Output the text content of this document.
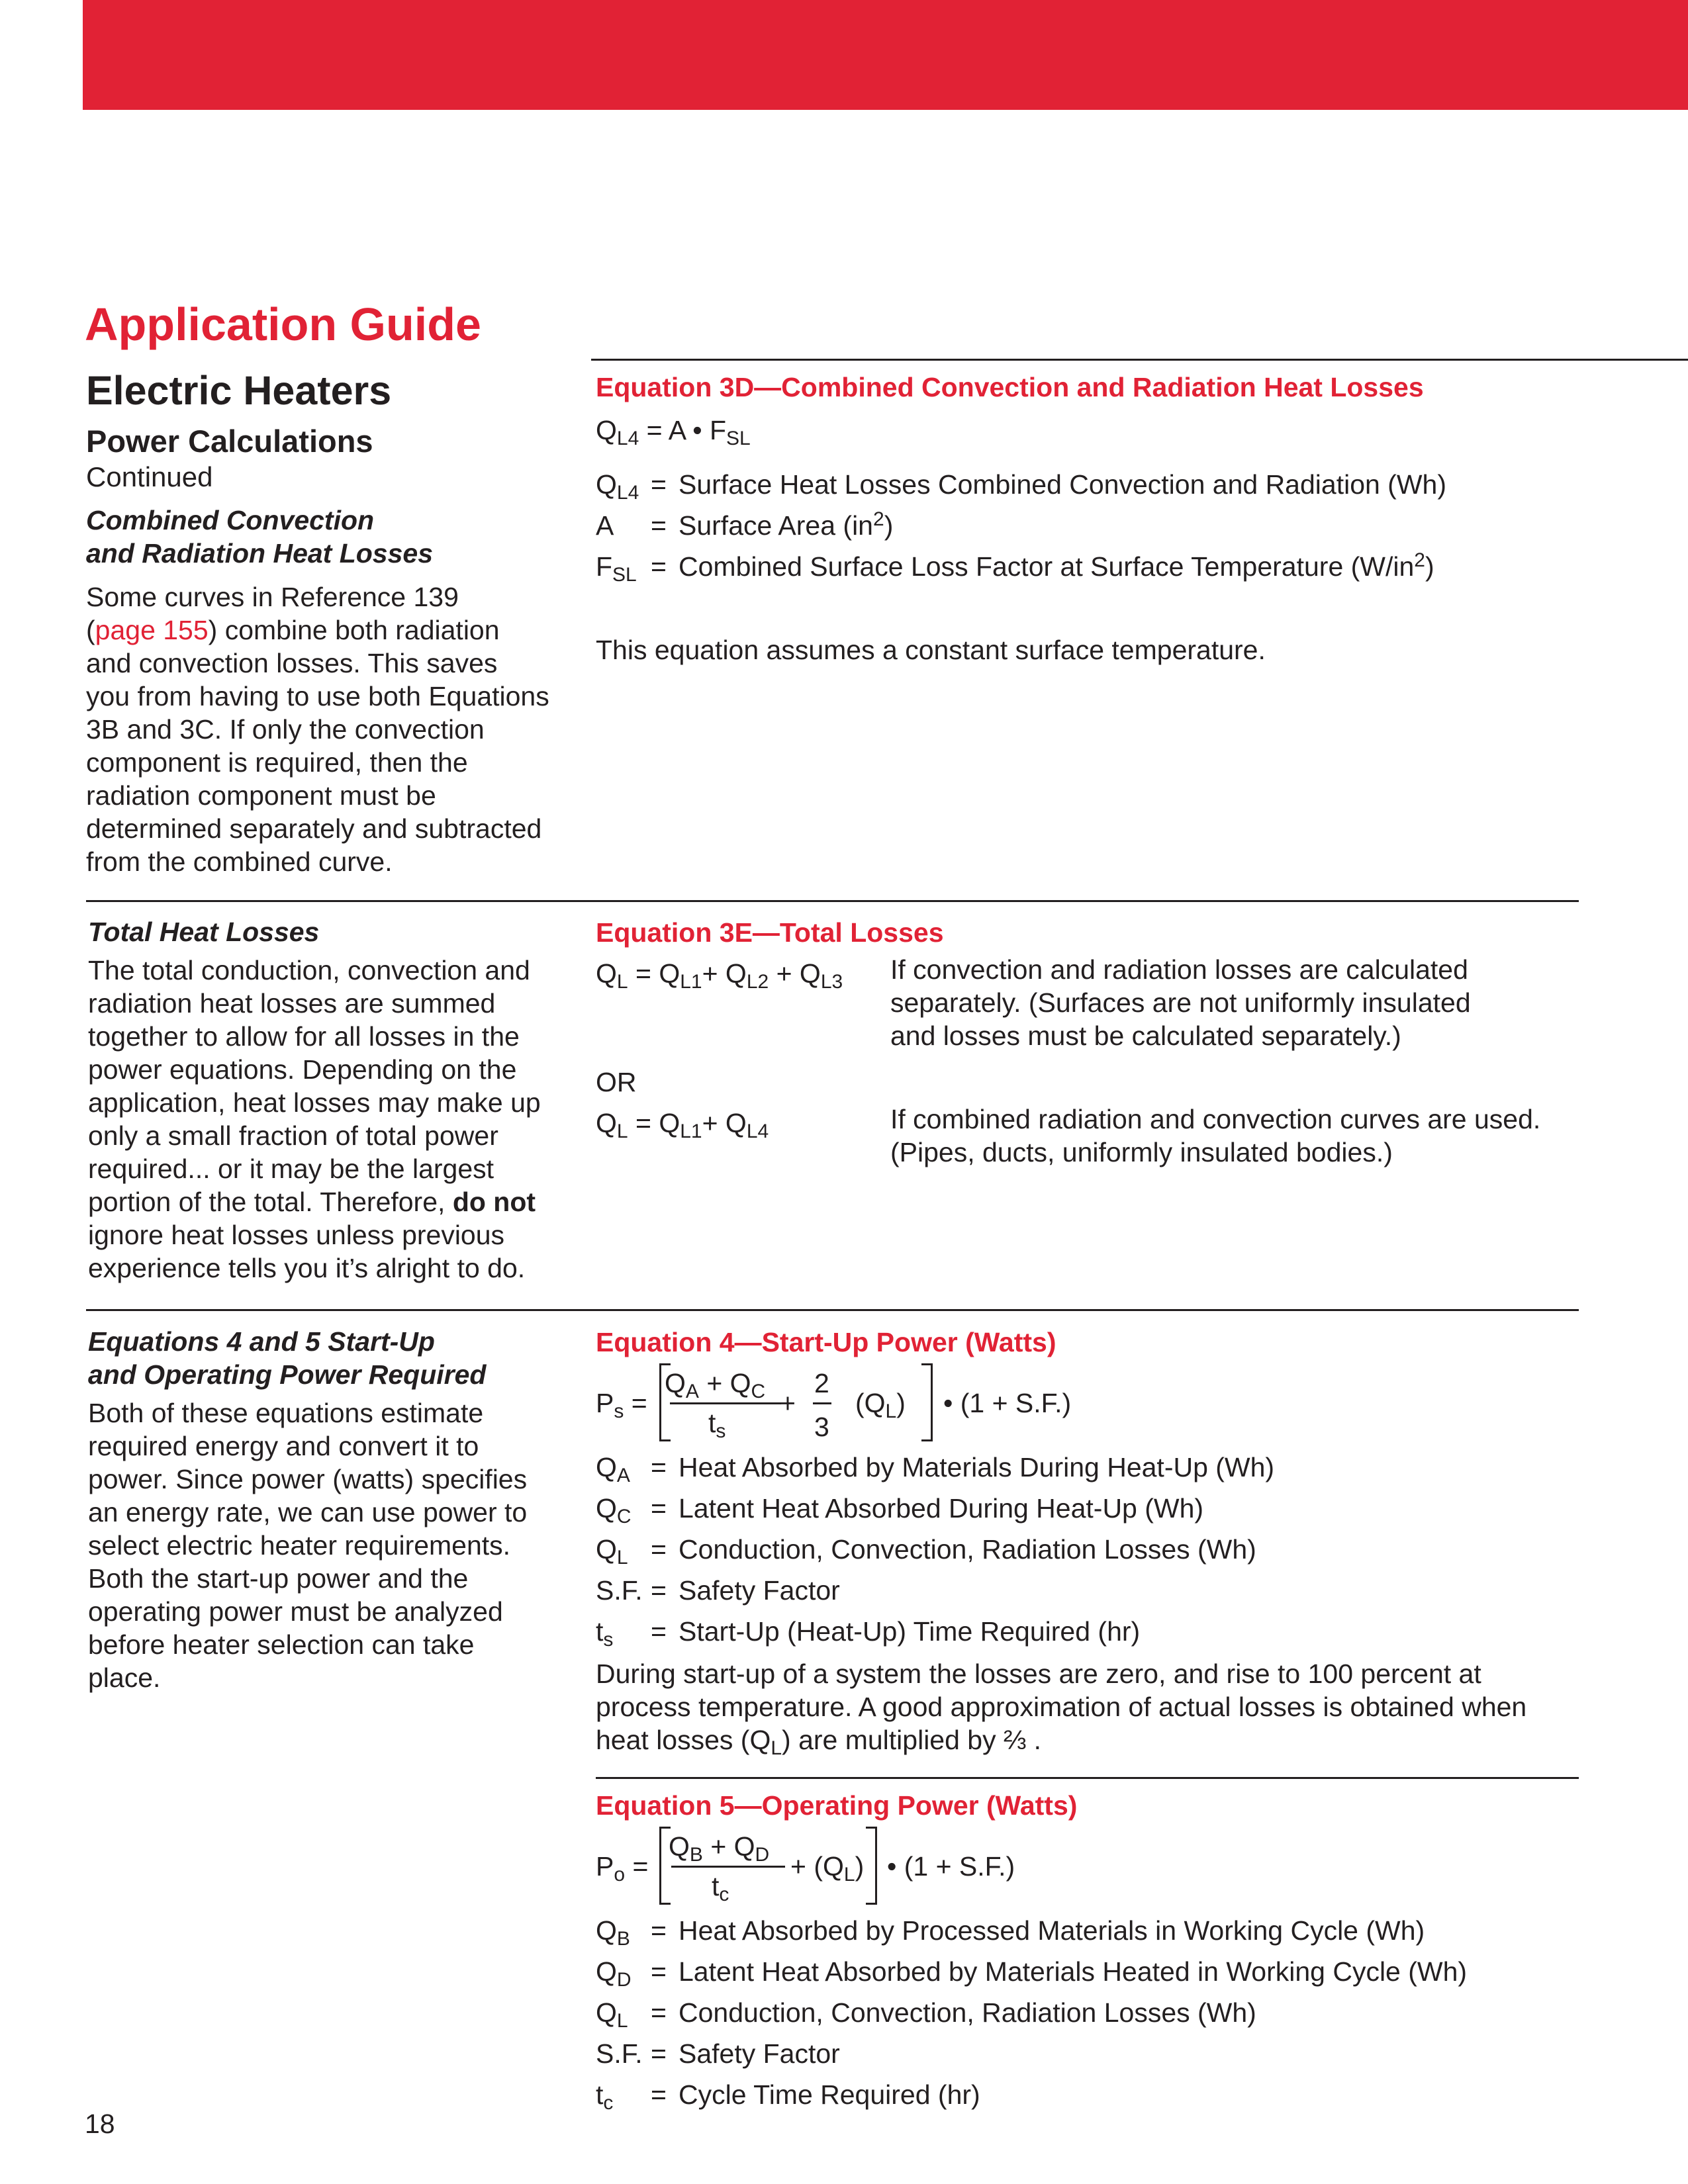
Application Guide
Electric Heaters
Power Calculations
Continued
Combined Convection
and Radiation Heat Losses
Some curves in Reference 139
(page 155) combine both radiation
and convection losses. This saves
you from having to use both Equations
3B and 3C. If only the convection
component is required, then the
radiation component must be
determined separately and subtracted
from the combined curve.
Equation 3D—Combined Convection and Radiation Heat Losses
$Q_{L4} = A$ • $F_{SL}$
$Q_{L4}$ = Surface Heat Losses Combined Convection and Radiation (Wh)
A = Surface Area $(in^2)$
$F_{SL}$ = Combined Surface Loss Factor at Surface Temperature $(W/in^2)$
This equation assumes a constant surface temperature.
Total Heat Losses
The total conduction, convection and
radiation heat losses are summed
together to allow for all losses in the
power equations. Depending on the
application, heat losses may make up
only a small fraction of total power
required... or it may be the largest
portion of the total. Therefore, do not
ignore heat losses unless previous
experience tells you it’s alright to do.
Equation 3E—Total Losses
$Q_L = Q_{L1}+ Q_{L2} + Q_{L3}$ If convection and radiation losses are calculated
separately. (Surfaces are not uniformly insulated
and losses must be calculated separately.)
OR
$Q_L = Q_{L1}+ Q_{L4}$	If combined radiation and convection curves are used.
(Pipes, ducts, uniformly insulated bodies.)
Equations 4 and 5 Start-Up
and Operating Power Required
Both of these equations estimate
required energy and convert it to
power. Since power (watts) specifies
an energy rate, we can use power to
select electric heater requirements.
Both the start-up power and the
operating power must be analyzed
before heater selection can take
place.
Equation 4—Start-Up Power (Watts)
$P_s$ =
$Q_A + Q_C$
$t_s$
+
2
3
$(Q_L)$ • (1 + S.F.)
$Q_A$ = Heat Absorbed by Materials During Heat-Up (Wh)
$Q_C$ = Latent Heat Absorbed During Heat-Up (Wh)
$Q_L$ = Conduction, Convection, Radiation Losses (Wh)
S.F. = Safety Factor
$t_s$ = Start-Up (Heat-Up) Time Required (hr)
During start-up of a system the losses are zero, and rise to 100 percent at
process temperature. A good approximation of actual losses is obtained when
heat losses $(Q_L)$ are multiplied by ⅔ .
Equation 5—Operating Power (Watts)
$P_o$ =
$Q_B + Q_D$
$t_c$
+ $(Q_L)$ • (1 + S.F.)
$Q_B$ = Heat Absorbed by Processed Materials in Working Cycle (Wh)
$Q_D$ = Latent Heat Absorbed by Materials Heated in Working Cycle (Wh)
$Q_L$ = Conduction, Convection, Radiation Losses (Wh)
S.F. = Safety Factor
$t_c$ = Cycle Time Required (hr)
18
